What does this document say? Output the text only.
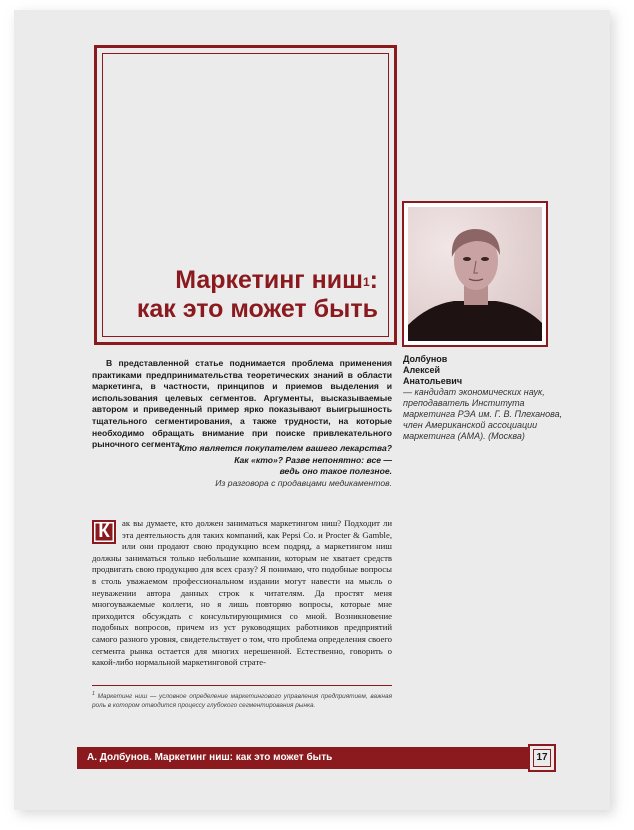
Маркетинг ниш$^1$:
как это может быть
Долбунов
Алексей
Анатольевич
— кандидат экономических наук, преподаватель Института маркетинга РЭА им. Г. В. Плеханова, член Американской ассоциации маркетинга (АМА). (Москва)
В представленной статье поднимается проблема применения практиками предпринимательства теоретических знаний в области маркетинга, в частности, принципов и приемов выделения и использования целевых сегментов. Аргументы, высказываемые автором и приведенный пример ярко показывают выигрышность тщательного сегментирования, а также трудности, на которые необходимо обращать внимание при поиске привлекательного рыночного сегмента.
Кто является покупателем вашего лекарства?
Как «кто»? Разве непонятно: все —
ведь оно такое полезное.
Из разговора с продавцами медикаментов.
К	ак вы думаете, кто должен заниматься маркетингом ниш? Подходит ли эта деятельность для таких компаний, как Pepsi Co. и Procter & Gamble, или они продают свою продукцию всем подряд, а маркетингом ниш должны заниматься только небольшие компании, которым не хватает средств продвигать свою продукцию для всех сразу? Я понимаю, что подобные вопросы в столь уважаемом профессиональном издании могут навести на мысль о неуважении автора данных строк к читателям. Да простят меня многоуважаемые коллеги, но я лишь повторяю вопросы, которые мне приходится обсуждать с консультирующимися со мной. Возникновение подобных вопросов, причем из уст руководящих работников предприятий самого разного уровня, свидетельствует о том, что проблема определения своего сегмента рынка остается для многих нерешенной. Естественно, говорить о какой-либо нормальной маркетинговой страте-
$^1$ Маркетинг ниш — условное определение маркетингового управления предприятием, важная роль в котором отводится процессу глубокого сегментирования рынка.
А. Долбунов. Маркетинг ниш: как это может быть	17
